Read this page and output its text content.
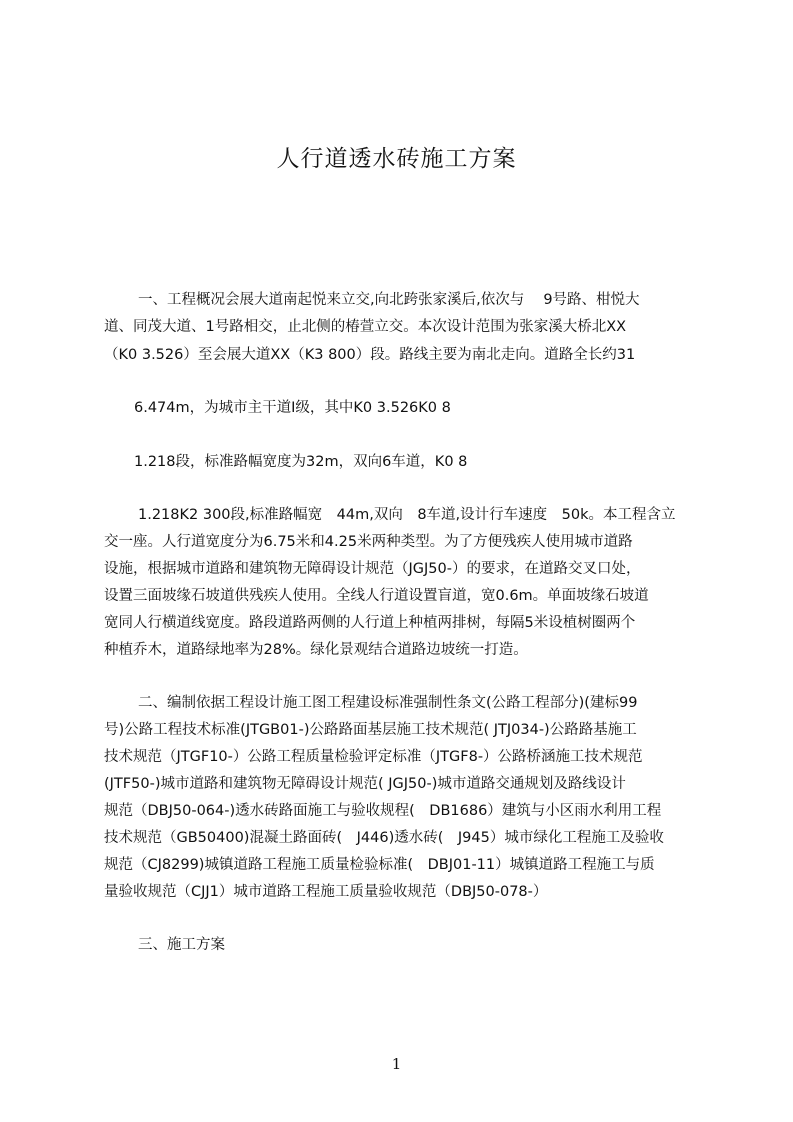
人行道透水砖施工方案

一、工程概况会展大道南起悦来立交,向北跨张家溪后,依次与　 9号路、柑悦大

道、同茂大道、1号路相交，止北侧的椿萱立交。本次设计范围为张家溪大桥北XX

（K0 3.526）至会展大道XX（K3 800）段。路线主要为南北走向。道路全长约31

6.474m，为城市主干道Ⅰ级，其中K0 3.526K0 8

1.218段，标准路幅宽度为32m，双向6车道，K0 8

1.218K2 300段,标准路幅宽　44m,双向　8车道,设计行车速度　50k。本工程含立

交一座。人行道宽度分为6.75米和4.25米两种类型。为了方便残疾人使用城市道路

设施，根据城市道路和建筑物无障碍设计规范（JGJ50-）的要求，在道路交叉口处，

设置三面坡缘石坡道供残疾人使用。全线人行道设置盲道，宽0.6m。单面坡缘石坡道

宽同人行横道线宽度。路段道路两侧的人行道上种植两排树，每隔5米设植树圈两个

种植乔木，道路绿地率为28%。绿化景观结合道路边坡统一打造。

二、编制依据工程设计施工图工程建设标准强制性条文(公路工程部分)(建标99

号)公路工程技术标准(JTGB01-)公路路面基层施工技术规范( JTJ034-)公路路基施工

技术规范（JTGF10-）公路工程质量检验评定标准（JTGF8-）公路桥涵施工技术规范

(JTF50-)城市道路和建筑物无障碍设计规范( JGJ50-)城市道路交通规划及路线设计

规范（DBJ50-064-)透水砖路面施工与验收规程(　DB1686）建筑与小区雨水利用工程

技术规范（GB50400)混凝土路面砖(　J446)透水砖(　J945）城市绿化工程施工及验收

规范（CJ8299)城镇道路工程施工质量检验标准(　DBJ01-11）城镇道路工程施工与质

量验收规范（CJJ1）城市道路工程施工质量验收规范（DBJ50-078-）

三、施工方案

1
